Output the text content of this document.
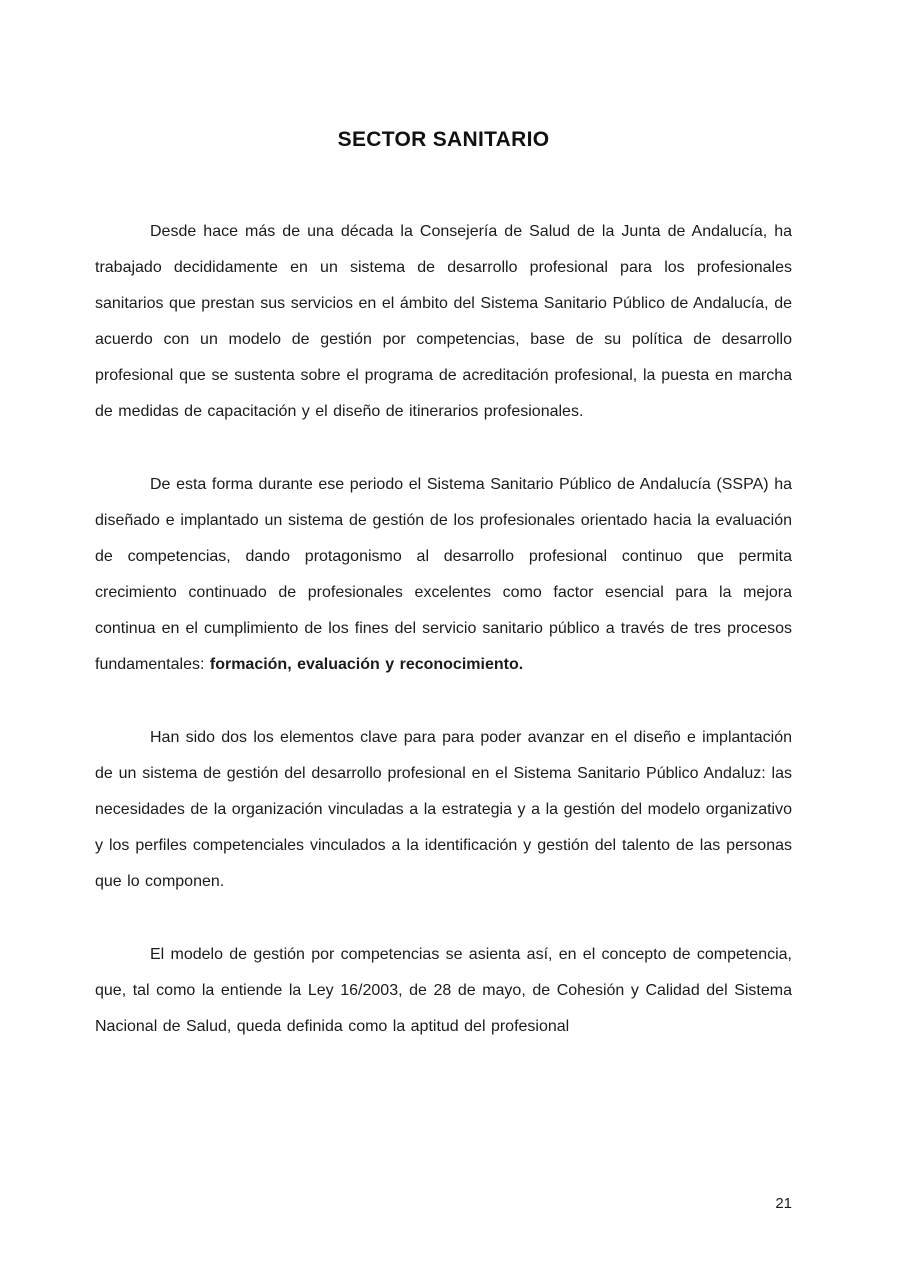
SECTOR SANITARIO

Desde hace más de una década la Consejería de Salud de la Junta de Andalucía, ha trabajado decididamente en un sistema de desarrollo profesional para los profesionales sanitarios que prestan sus servicios en el ámbito del Sistema Sanitario Público de Andalucía, de acuerdo con un modelo de gestión por competencias, base de su política de desarrollo profesional que se sustenta sobre el programa de acreditación profesional, la puesta en marcha de medidas de capacitación y el diseño de itinerarios profesionales.

De esta forma durante ese periodo el Sistema Sanitario Público de Andalucía (SSPA) ha diseñado e implantado un sistema de gestión de los profesionales orientado hacia la evaluación de competencias, dando protagonismo al desarrollo profesional continuo que permita crecimiento continuado de profesionales excelentes como factor esencial para la mejora continua en el cumplimiento de los fines del servicio sanitario público a través de tres procesos fundamentales: formación, evaluación y reconocimiento.

Han sido dos los elementos clave para para poder avanzar en el diseño e implantación de un sistema de gestión del desarrollo profesional en el Sistema Sanitario Público Andaluz: las necesidades de la organización vinculadas a la estrategia y a la gestión del modelo organizativo y los perfiles competenciales vinculados a la identificación y gestión del talento de las personas que lo componen.

El modelo de gestión por competencias se asienta así, en el concepto de competencia, que, tal como la entiende la Ley 16/2003, de 28 de mayo, de Cohesión y Calidad del Sistema Nacional de Salud, queda definida como la aptitud del profesional

21
